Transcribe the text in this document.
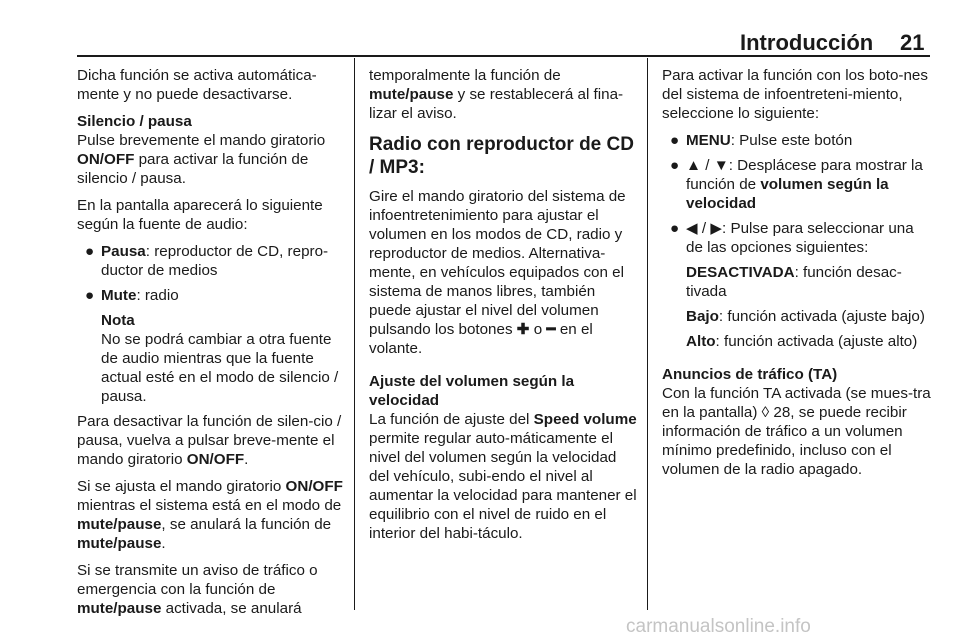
Introducción 21

Dicha función se activa automática-mente y no puede desactivarse.

Silencio / pausa

Pulse brevemente el mando giratorio ON/OFF para activar la función de silencio / pausa.

En la pantalla aparecerá lo siguiente según la fuente de audio:

● Pausa: reproductor de CD, repro-ductor de medios
● Mute: radio
Nota
No se podrá cambiar a otra fuente de audio mientras que la fuente actual esté en el modo de silencio / pausa.

Para desactivar la función de silen-cio / pausa, vuelva a pulsar breve-mente el mando giratorio ON/OFF.

Si se ajusta el mando giratorio ON/OFF mientras el sistema está en el modo de mute/pause, se anulará la función de mute/pause.

Si se transmite un aviso de tráfico o emergencia con la función de mute/pause activada, se anulará

temporalmente la función de mute/pause y se restablecerá al fina-lizar el aviso.

Radio con reproductor de CD / MP3:

Gire el mando giratorio del sistema de infoentretenimiento para ajustar el volumen en los modos de CD, radio y reproductor de medios. Alternativa-mente, en vehículos equipados con el sistema de manos libres, también puede ajustar el nivel del volumen pulsando los botones ✚ o ━ en el volante.

Ajuste del volumen según la velocidad

La función de ajuste del Speed volume permite regular auto-máticamente el nivel del volumen según la velocidad del vehículo, subi-endo el nivel al aumentar la velocidad para mantener el equilibrio con el nivel de ruido en el interior del habi-táculo.

Para activar la función con los boto-nes del sistema de infoentreteni-miento, seleccione lo siguiente:

● MENU: Pulse este botón
● ▲ / ▼: Desplácese para mostrar la función de volumen según la velocidad
● ◀ / ▶: Pulse para seleccionar una de las opciones siguientes:
DESACTIVADA: función desac-tivada
Bajo: función activada (ajuste bajo)
Alto: función activada (ajuste alto)
Anuncios de tráfico (TA)

Con la función TA activada (se mues-tra en la pantalla) ◊ 28, se puede recibir información de tráfico a un volumen mínimo predefinido, incluso con el volumen de la radio apagado.

carmanualsonline.info
